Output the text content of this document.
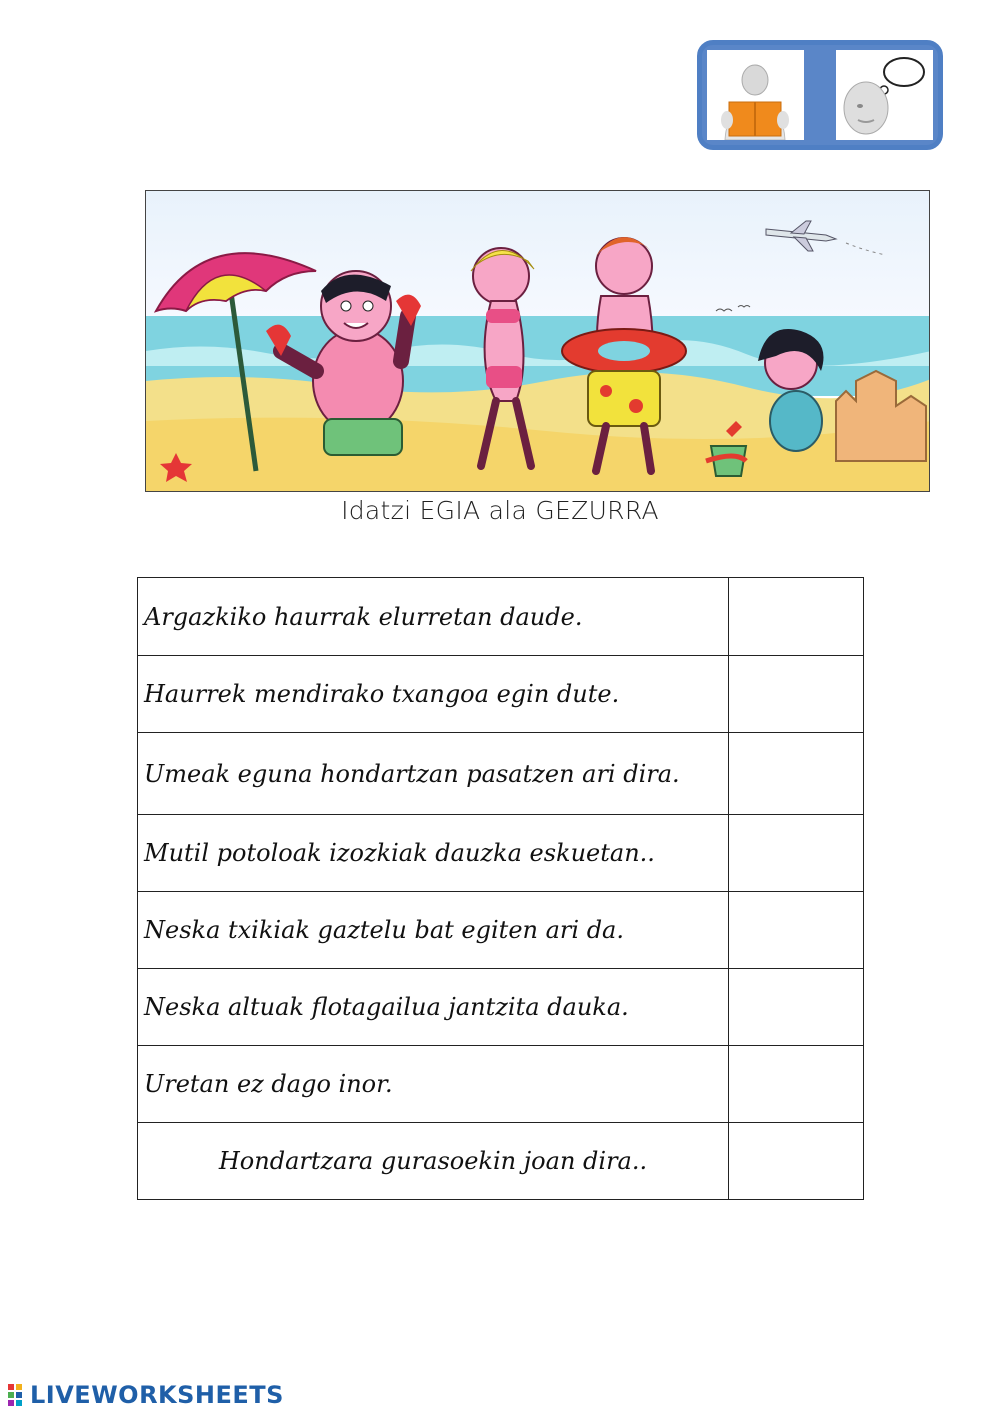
Idatzi EGIA ala GEZURRA
Argazkiko haurrak elurretan daude.	
Haurrek mendirako txangoa egin dute.	
Umeak eguna hondartzan pasatzen ari dira.	
Mutil potoloak izozkiak dauzka eskuetan..	
Neska txikiak gaztelu bat egiten ari da.	
Neska altuak flotagailua jantzita dauka.	
Uretan ez dago inor.	
Hondartzara gurasoekin joan dira..	
LIVEWORKSHEETS
